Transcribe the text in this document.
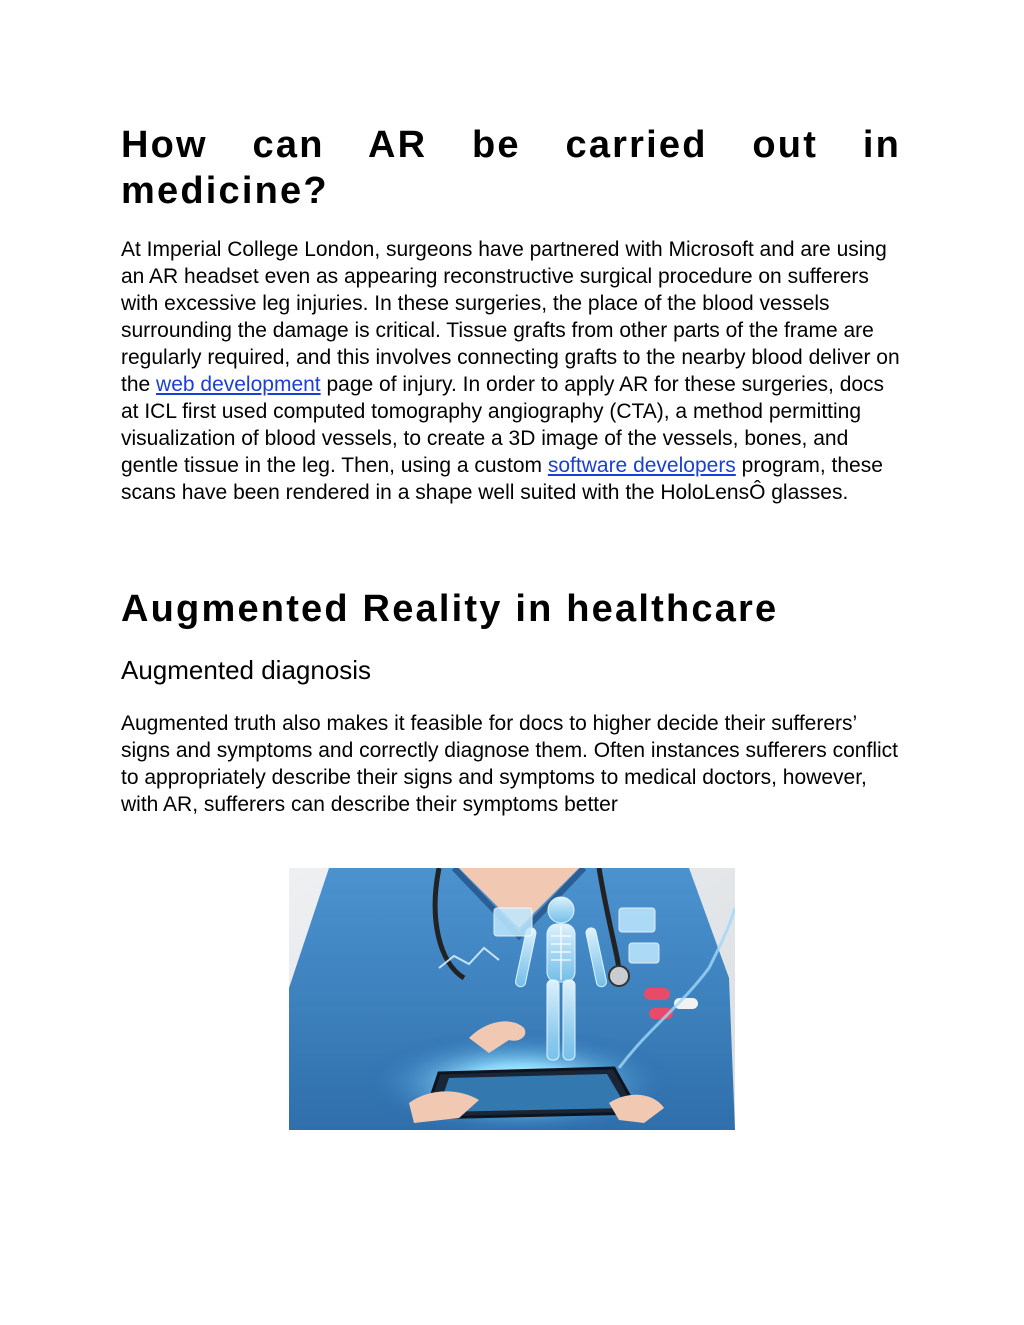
How can AR be carried out in medicine?

At Imperial College London, surgeons have partnered with Microsoft and are using an AR headset even as appearing reconstructive surgical procedure on sufferers with excessive leg injuries. In these surgeries, the place of the blood vessels surrounding the damage is critical. Tissue grafts from other parts of the frame are regularly required, and this involves connecting grafts to the nearby blood deliver on the web development page of injury. In order to apply AR for these surgeries, docs at ICL first used computed tomography angiography (CTA), a method permitting visualization of blood vessels, to create a 3D image of the vessels, bones, and gentle tissue in the leg. Then, using a custom software developers program, these scans have been rendered in a shape well suited with the HoloLensÔ glasses.

Augmented Reality in healthcare
Augmented diagnosis

Augmented truth also makes it feasible for docs to higher decide their sufferers’ signs and symptoms and correctly diagnose them. Often instances sufferers conflict to appropriately describe their signs and symptoms to medical doctors, however, with AR, sufferers can describe their symptoms better
